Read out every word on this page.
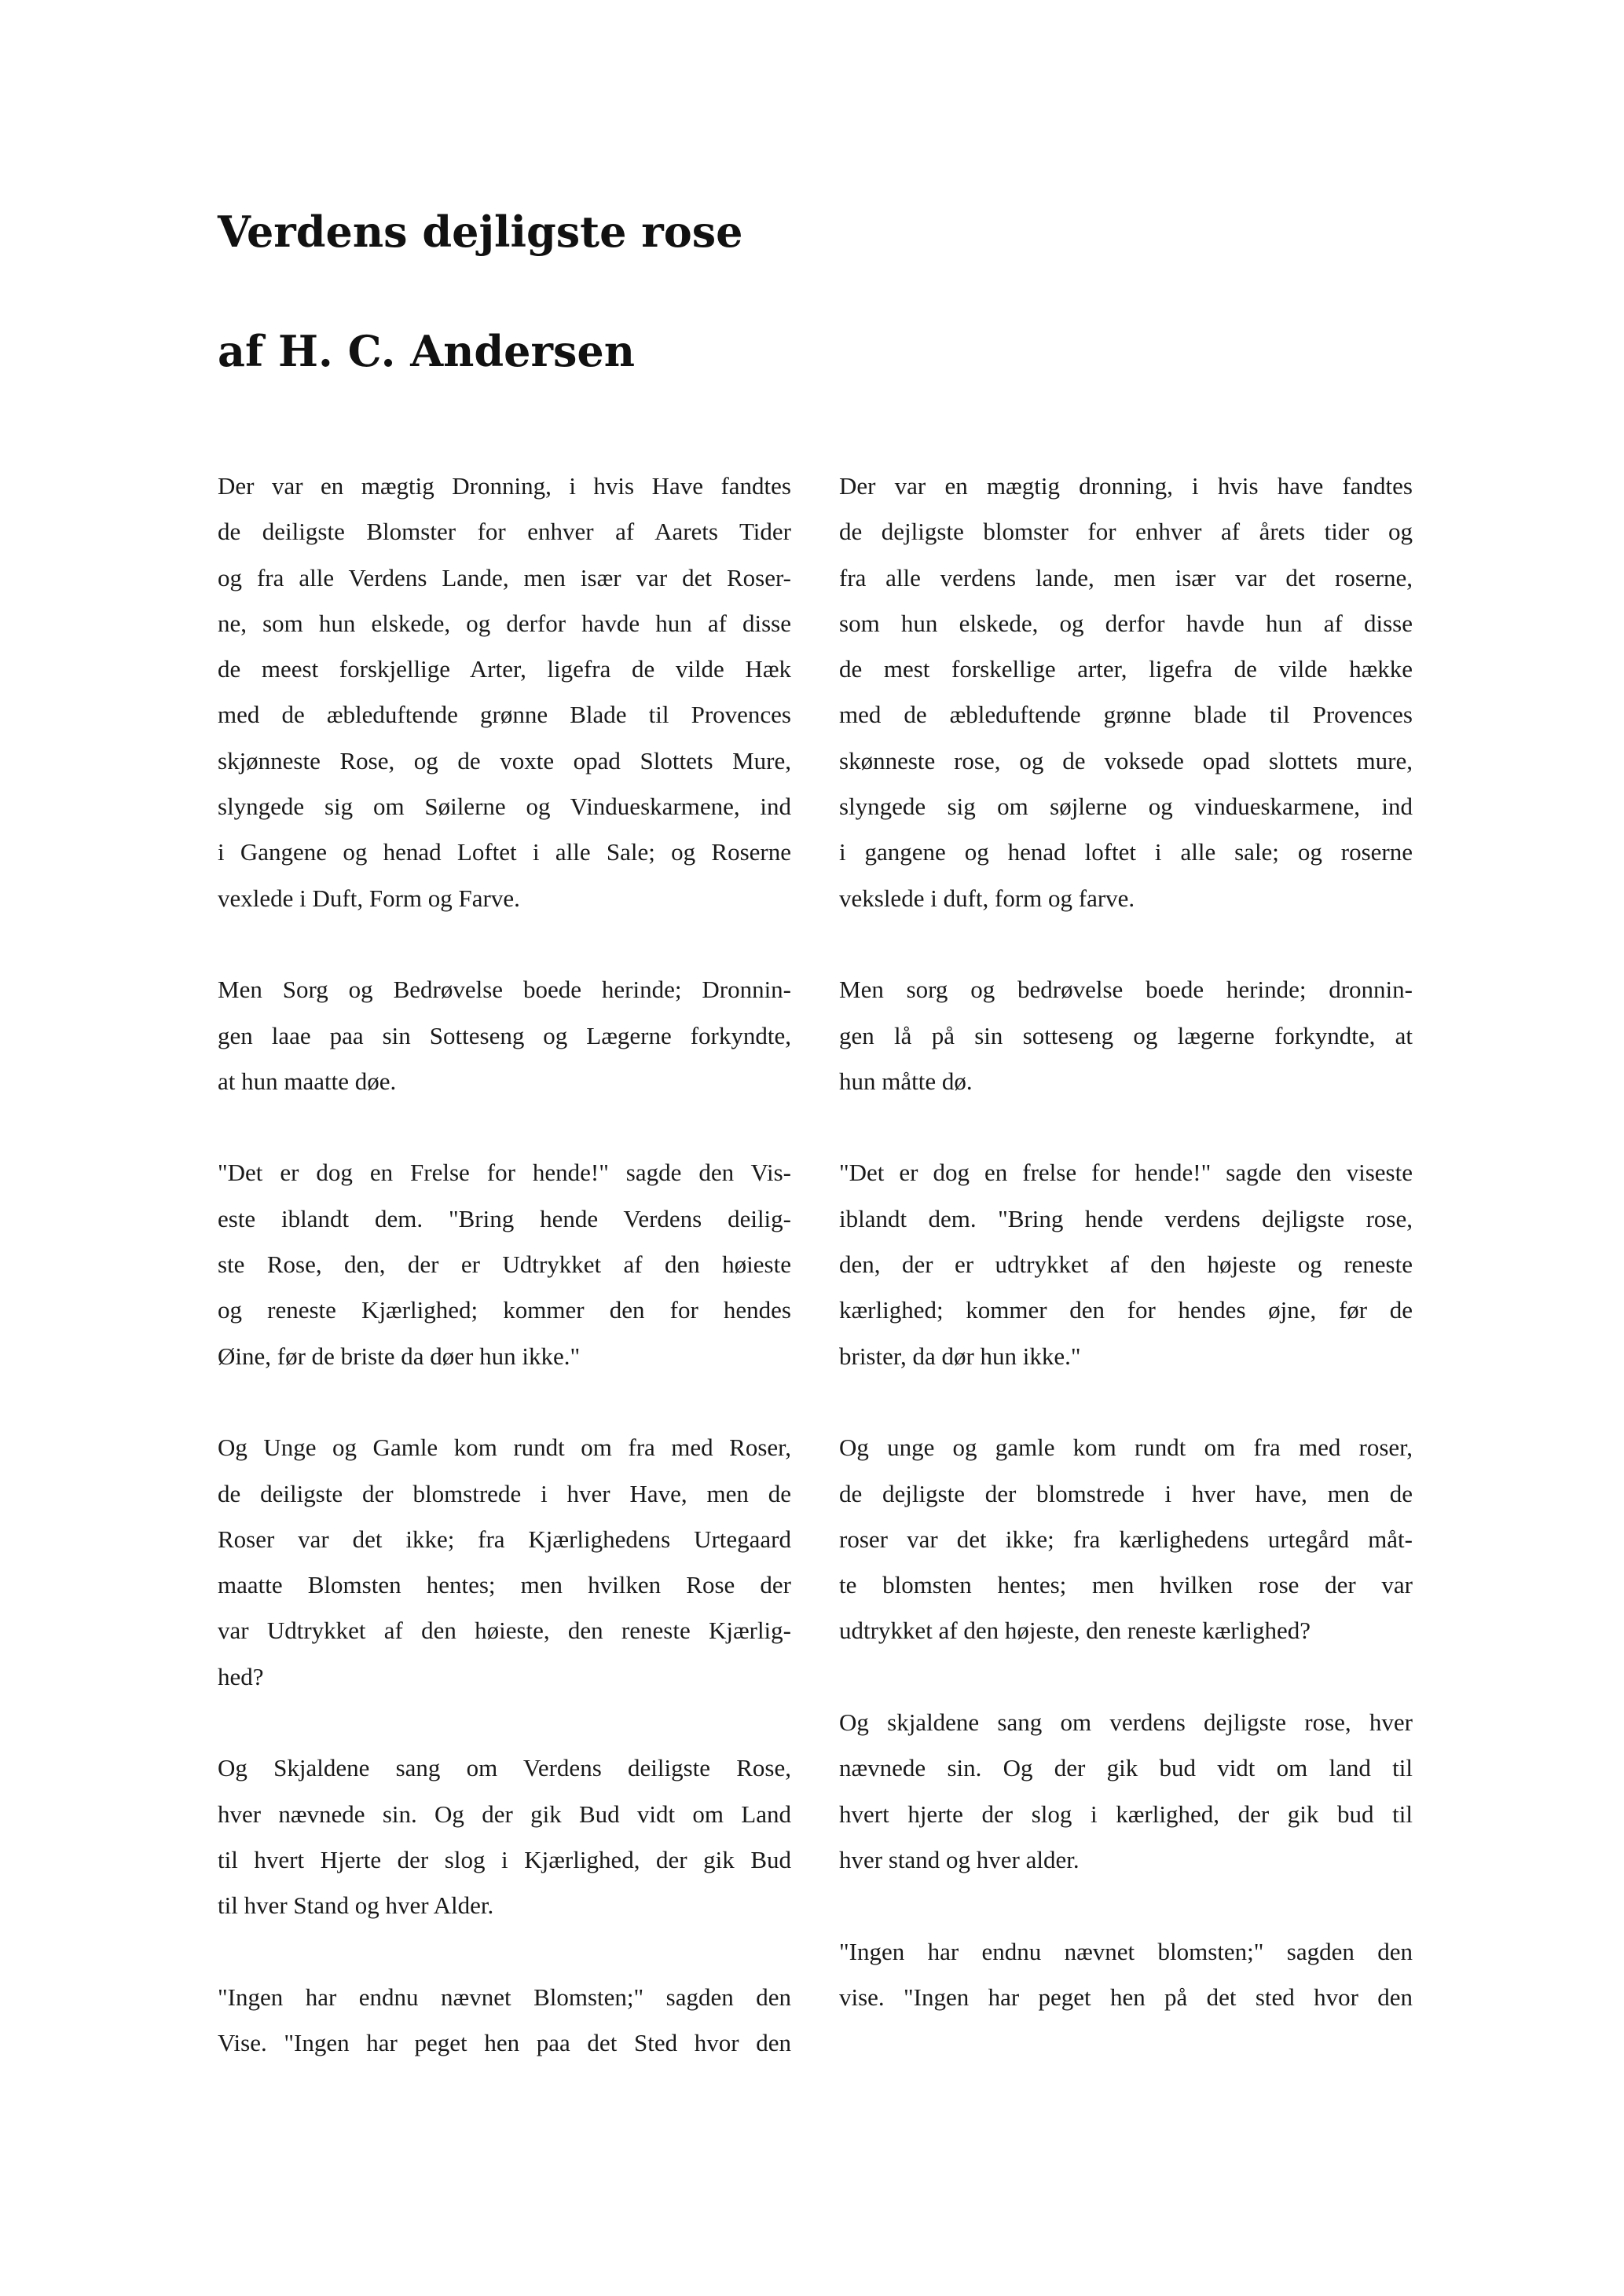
Verdens dejligste rose
af H. C. Andersen

Der var en mægtig Dronning, i hvis Have fandtes
de deiligste Blomster for enhver af Aarets Tider
og fra alle Verdens Lande, men især var det Roser-
ne, som hun elskede, og derfor havde hun af disse
de meest forskjellige Arter, ligefra de vilde Hæk
med de æbleduftende grønne Blade til Provences
skjønneste Rose, og de voxte opad Slottets Mure,
slyngede sig om Søilerne og Vindueskarmene, ind
i Gangene og henad Loftet i alle Sale; og Roserne
vexlede i Duft, Form og Farve.

Men Sorg og Bedrøvelse boede herinde; Dronnin-
gen laae paa sin Sotteseng og Lægerne forkyndte,
at hun maatte døe.

"Det er dog en Frelse for hende!" sagde den Vis-
este iblandt dem. "Bring hende Verdens deilig-
ste Rose, den, der er Udtrykket af den høieste
og reneste Kjærlighed; kommer den for hendes
Øine, før de briste da døer hun ikke."

Og Unge og Gamle kom rundt om fra med Roser,
de deiligste der blomstrede i hver Have, men de
Roser var det ikke; fra Kjærlighedens Urtegaard
maatte Blomsten hentes; men hvilken Rose der
var Udtrykket af den høieste, den reneste Kjærlig-
hed?

Og Skjaldene sang om Verdens deiligste Rose,
hver nævnede sin. Og der gik Bud vidt om Land
til hvert Hjerte der slog i Kjærlighed, der gik Bud
til hver Stand og hver Alder.

"Ingen har endnu nævnet Blomsten;" sagden den
Vise. "Ingen har peget hen paa det Sted hvor den

Der var en mægtig dronning, i hvis have fandtes
de dejligste blomster for enhver af årets tider og
fra alle verdens lande, men især var det roserne,
som hun elskede, og derfor havde hun af disse
de mest forskellige arter, ligefra de vilde hække
med de æbleduftende grønne blade til Provences
skønneste rose, og de voksede opad slottets mure,
slyngede sig om søjlerne og vindueskarmene, ind
i gangene og henad loftet i alle sale; og roserne
vekslede i duft, form og farve.

Men sorg og bedrøvelse boede herinde; dronnin-
gen lå på sin sotteseng og lægerne forkyndte, at
hun måtte dø.

"Det er dog en frelse for hende!" sagde den viseste
iblandt dem. "Bring hende verdens dejligste rose,
den, der er udtrykket af den højeste og reneste
kærlighed; kommer den for hendes øjne, før de
brister, da dør hun ikke."

Og unge og gamle kom rundt om fra med roser,
de dejligste der blomstrede i hver have, men de
roser var det ikke; fra kærlighedens urtegård måt-
te blomsten hentes; men hvilken rose der var
udtrykket af den højeste, den reneste kærlighed?

Og skjaldene sang om verdens dejligste rose, hver
nævnede sin. Og der gik bud vidt om land til
hvert hjerte der slog i kærlighed, der gik bud til
hver stand og hver alder.

"Ingen har endnu nævnet blomsten;" sagden den
vise. "Ingen har peget hen på det sted hvor den
